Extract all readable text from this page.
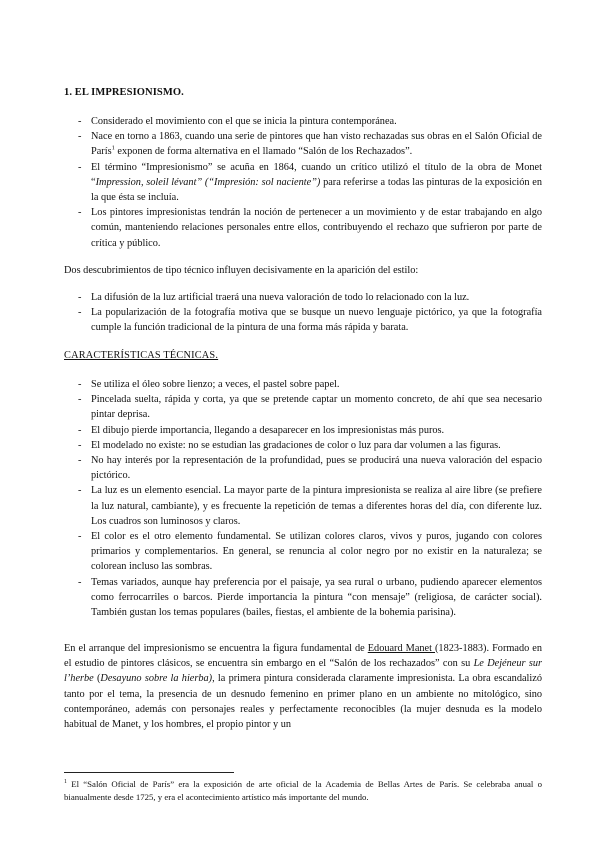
1. EL IMPRESIONISMO.
- Considerado el movimiento con el que se inicia la pintura contemporánea.
- Nace en torno a 1863, cuando una serie de pintores que han visto rechazadas sus obras en el Salón Oficial de París$^1$ exponen de forma alternativa en el llamado “Salón de los Rechazados”.
- El término “Impresionismo” se acuña en 1864, cuando un crítico utilizó el título de la obra de Monet “Impression, soleil lévant” (“Impresión: sol naciente”) para referirse a todas las pinturas de la exposición en la que ésta se incluía.
- Los pintores impresionistas tendrán la noción de pertenecer a un movimiento y de estar trabajando en algo común, manteniendo relaciones personales entre ellos, contribuyendo el rechazo que sufrieron por parte de crítica y público.

Dos descubrimientos de tipo técnico influyen decisivamente en la aparición del estilo:

- La difusión de la luz artificial traerá una nueva valoración de todo lo relacionado con la luz.
- La popularización de la fotografía motiva que se busque un nuevo lenguaje pictórico, ya que la fotografía cumple la función tradicional de la pintura de una forma más rápida y barata.
CARACTERÍSTICAS TÉCNICAS.
- Se utiliza el óleo sobre lienzo; a veces, el pastel sobre papel.
- Pincelada suelta, rápida y corta, ya que se pretende captar un momento concreto, de ahí que sea necesario pintar deprisa.
- El dibujo pierde importancia, llegando a desaparecer en los impresionistas más puros.
- El modelado no existe: no se estudian las gradaciones de color o luz para dar volumen a las figuras.
- No hay interés por la representación de la profundidad, pues se producirá una nueva valoración del espacio pictórico.
- La luz es un elemento esencial. La mayor parte de la pintura impresionista se realiza al aire libre (se prefiere la luz natural, cambiante), y es frecuente la repetición de temas a diferentes horas del día, con diferente luz. Los cuadros son luminosos y claros.
- El color es el otro elemento fundamental. Se utilizan colores claros, vivos y puros, jugando con colores primarios y complementarios. En general, se renuncia al color negro por no existir en la naturaleza; se colorean incluso las sombras.
- Temas variados, aunque hay preferencia por el paisaje, ya sea rural o urbano, pudiendo aparecer elementos como ferrocarriles o barcos. Pierde importancia la pintura “con mensaje” (religiosa, de carácter social). También gustan los temas populares (bailes, fiestas, el ambiente de la bohemia parisina).

En el arranque del impresionismo se encuentra la figura fundamental de Edouard Manet (1823-1883). Formado en el estudio de pintores clásicos, se encuentra sin embargo en el “Salón de los rechazados” con su Le Dejéneur sur l’herbe (Desayuno sobre la hierba), la primera pintura considerada claramente impresionista. La obra escandalizó tanto por el tema, la presencia de un desnudo femenino en primer plano en un ambiente no mitológico, sino contemporáneo, además con personajes reales y perfectamente reconocibles (la mujer desnuda es la modelo habitual de Manet, y los hombres, el propio pintor y un

$^1$ El “Salón Oficial de París” era la exposición de arte oficial de la Academia de Bellas Artes de París. Se celebraba anual o bianualmente desde 1725, y era el acontecimiento artístico más importante del mundo.
